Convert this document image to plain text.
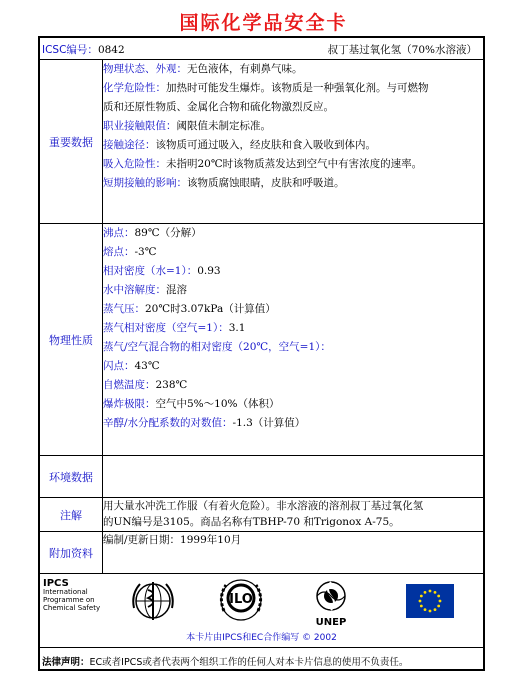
国际化学品安全卡
ICSC编号：0842	叔丁基过氧化氢（70%水溶液）
重要数据
物理状态、外观：无色液体，有刺鼻气味。
化学危险性：加热时可能发生爆炸。该物质是一种强氧化剂。与可燃物
质和还原性物质、金属化合物和硫化物激烈反应。
职业接触限值：阈限值未制定标准。
接触途径：该物质可通过吸入，经皮肤和食入吸收到体内。
吸入危险性：未指明20℃时该物质蒸发达到空气中有害浓度的速率。
短期接触的影响：该物质腐蚀眼睛，皮肤和呼吸道。
物理性质
沸点：89℃（分解）
熔点：-3℃
相对密度（水=1）：0.93
水中溶解度：混溶
蒸气压：20℃时3.07kPa（计算值）
蒸气相对密度（空气=1）：3.1
蒸气/空气混合物的相对密度（20℃，空气=1）：
闪点：43℃
自燃温度：238℃
爆炸极限：空气中5%～10%（体积）
辛醇/水分配系数的对数值：-1.3（计算值）
环境数据
注解
用大量水冲洗工作服（有着火危险）。非水溶液的溶剂叔丁基过氧化氢
的UN编号是3105。商品名称有TBHP-70 和Trigonox A-75。
附加资料
编制/更新日期：1999年10月
IPCS
International
Programme on
Chemical Safety
ILO
UNEP
本卡片由IPCS和EC合作编写 © 2002
法律声明：EC或者IPCS或者代表两个组织工作的任何人对本卡片信息的使用不负责任。
